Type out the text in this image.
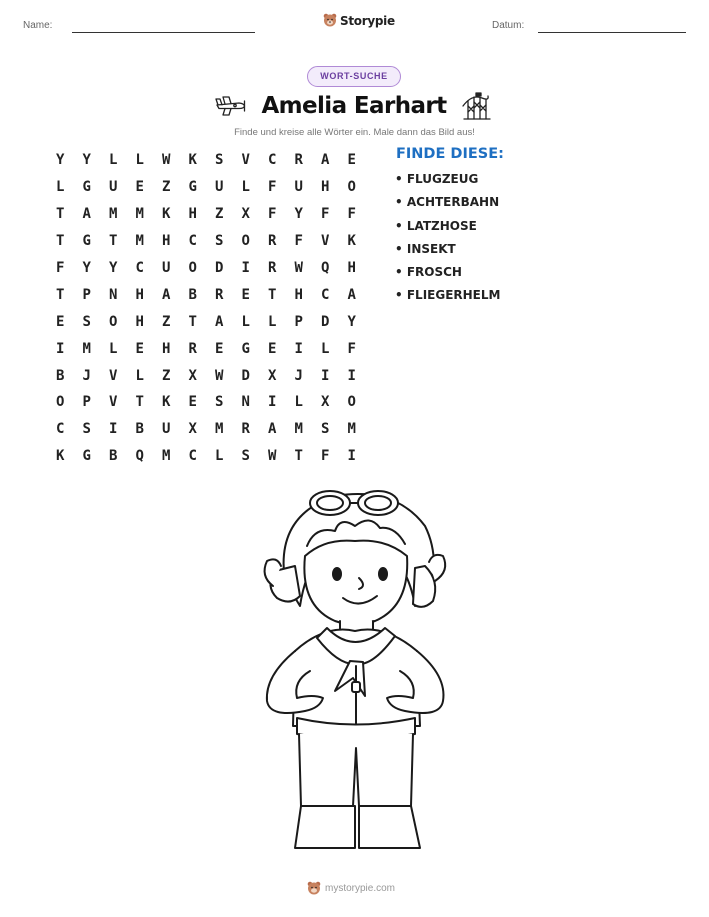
Name:	Storypie	Datum:
WORT-SUCHE
Amelia Earhart
Finde und kreise alle Wörter ein. Male dann das Bild aus!
Y	Y	L	L	W	K	S	V	C	R	A	E
L	G	U	E	Z	G	U	L	F	U	H	O
T	A	M	M	K	H	Z	X	F	Y	F	F
T	G	T	M	H	C	S	O	R	F	V	K
F	Y	Y	C	U	O	D	I	R	W	Q	H
T	P	N	H	A	B	R	E	T	H	C	A
E	S	O	H	Z	T	A	L	L	P	D	Y
I	M	L	E	H	R	E	G	E	I	L	F
B	J	V	L	Z	X	W	D	X	J	I	I
O	P	V	T	K	E	S	N	I	L	X	O
C	S	I	B	U	X	M	R	A	M	S	M
K	G	B	Q	M	C	L	S	W	T	F	I
FINDE DIESE:
• FLUGZEUG
• ACHTERBAHN
• LATZHOSE
• INSEKT
• FROSCH
• FLIEGERHELM
mystorypie.com
